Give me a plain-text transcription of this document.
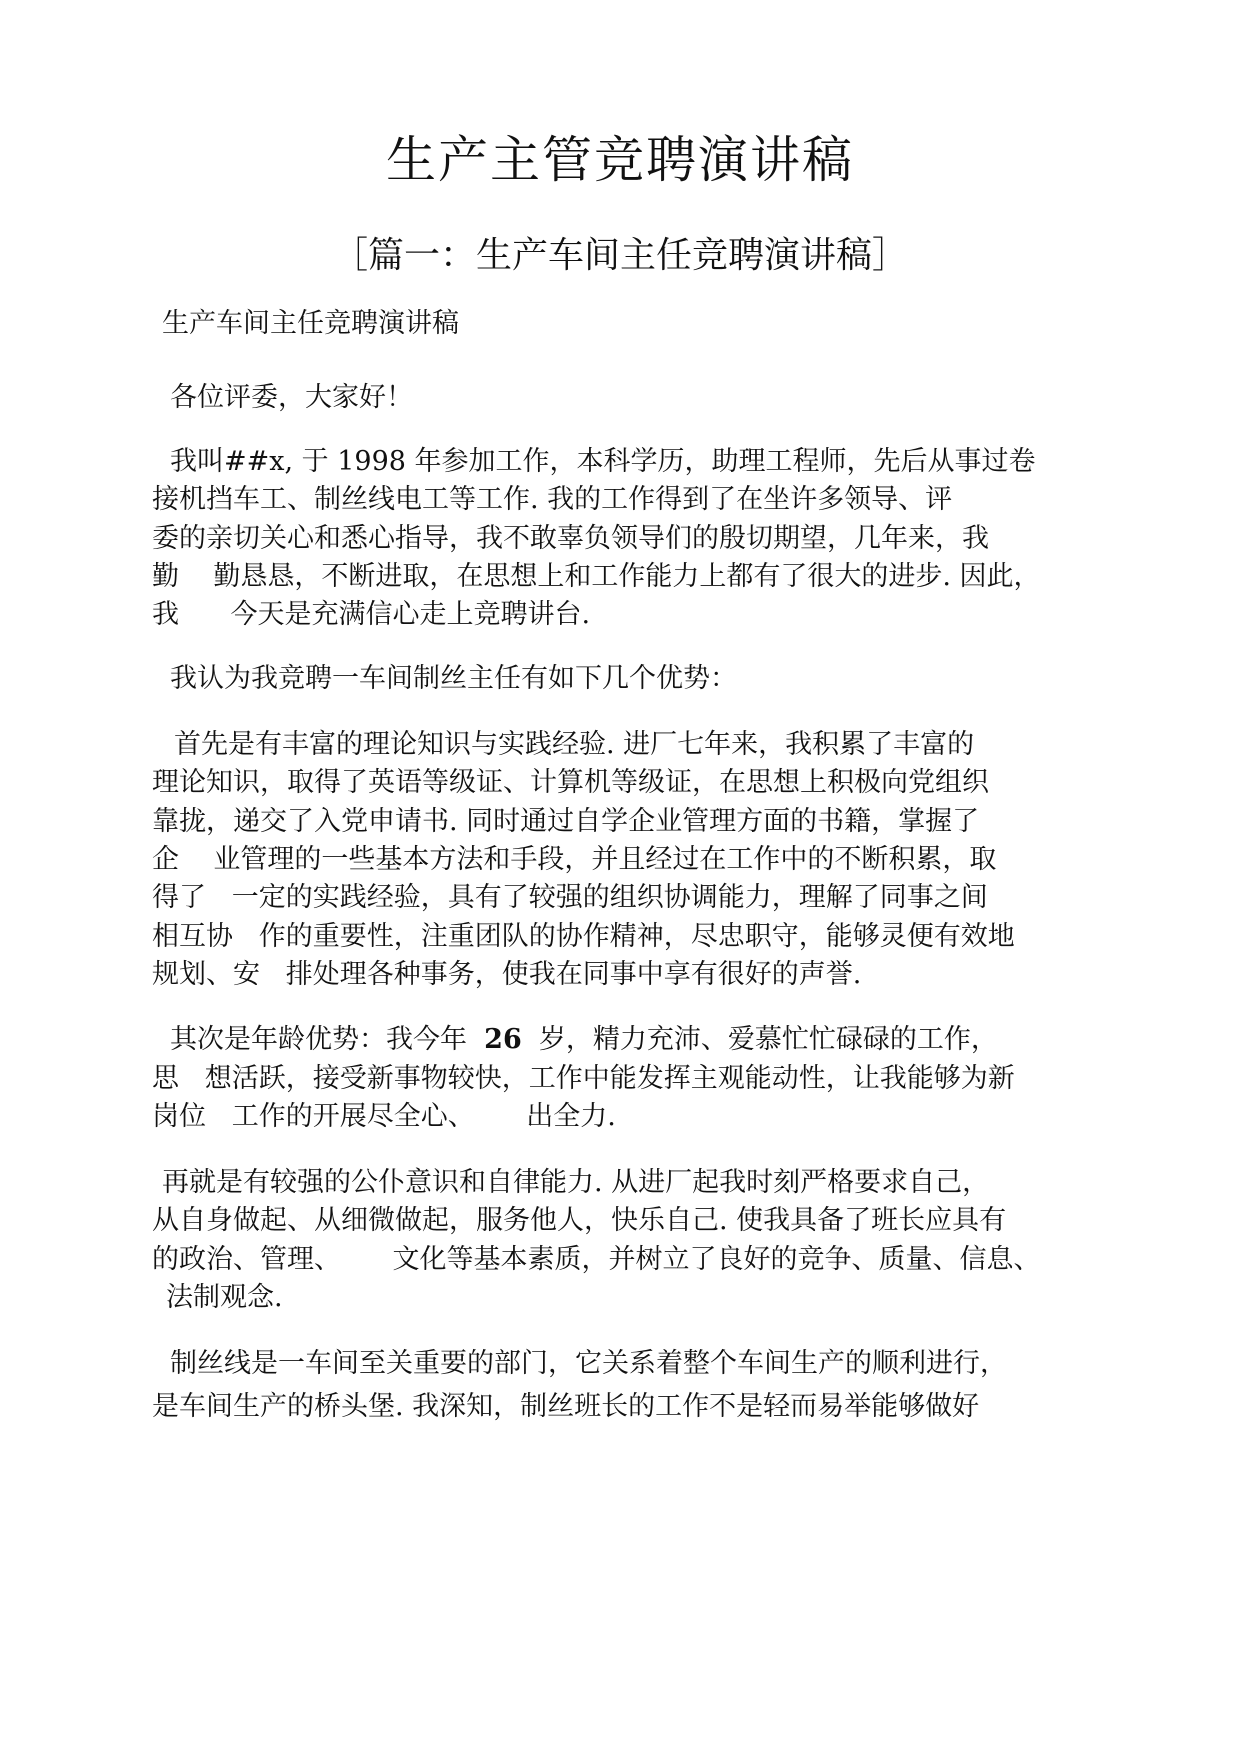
生产主管竞聘演讲稿
［篇一：生产车间主任竞聘演讲稿］

生产车间主任竞聘演讲稿

各位评委，大家好！

我叫##x, 于 1998 年参加工作，本科学历，助理工程师，先后从事过卷

接机挡车工、制丝线电工等工作. 我的工作得到了在坐许多领导、评

委的亲切关心和悉心指导，我不敢辜负领导们的殷切期望，几年来，我

勤    勤恳恳，不断进取，在思想上和工作能力上都有了很大的进步. 因此，

我      今天是充满信心走上竞聘讲台.

我认为我竞聘一车间制丝主任有如下几个优势：

首先是有丰富的理论知识与实践经验. 进厂七年来，我积累了丰富的

理论知识，取得了英语等级证、计算机等级证，在思想上积极向党组织

靠拢，递交了入党申请书. 同时通过自学企业管理方面的书籍，掌握了

企    业管理的一些基本方法和手段，并且经过在工作中的不断积累，取

得了   一定的实践经验，具有了较强的组织协调能力，理解了同事之间

相互协   作的重要性，注重团队的协作精神，尽忠职守，能够灵便有效地

规划、安   排处理各种事务，使我在同事中享有很好的声誉.

其次是年龄优势：我今年  26  岁，精力充沛、爱慕忙忙碌碌的工作，

思   想活跃，接受新事物较快，工作中能发挥主观能动性，让我能够为新

岗位   工作的开展尽全心、      出全力.

再就是有较强的公仆意识和自律能力. 从进厂起我时刻严格要求自己，

从自身做起、从细微做起，服务他人，快乐自己. 使我具备了班长应具有

的政治、管理、      文化等基本素质，并树立了良好的竞争、质量、信息、

法制观念.

制丝线是一车间至关重要的部门，它关系着整个车间生产的顺利进行，

是车间生产的桥头堡. 我深知，制丝班长的工作不是轻而易举能够做好
